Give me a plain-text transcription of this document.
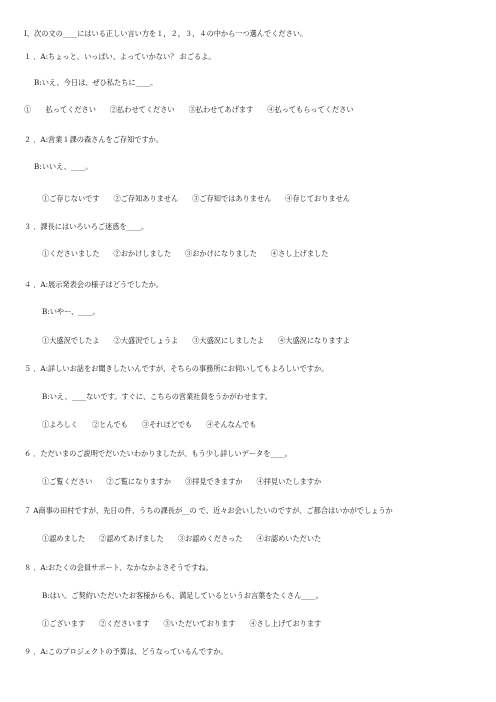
Ⅰ、次の文の____にはいる正しい言い方を１，２，３，４の中から一つ選んでください。
１ ．A:ちょっと、いっぱい、よっていかない？ おごるよ。
B:いえ、今日は、ぜひ私たちに____。
①　　払ってください ②払わせてください ③払わせてあげます ④払ってもらってください
２ ．A:営業１課の森さんをご存知ですか。
B:いいえ、____。
①ご存じないです ②ご存知ありません ③ご存知ではありません ④存じておりません
３ ．課長にはいろいろご迷惑を____。
①くださいました ②おかけしました ③おかけになりました ④さし上げました
４ ．A:展示発表会の様子はどうでしたか。
B:いやー、____。
①大盛況でしたよ ②大盛況でしょうよ ③大盛況にしましたよ ④大盛況になりますよ
５ ．A:詳しいお話をお聞きしたいんですが、そちらの事務所にお伺いしてもよろしいですか。
B:いえ、____ないです。すぐに、こちらの営業社員をうかがわせます。
①よろしく ②とんでも ③それほどでも ④そんなんでも
６ ．ただいまのご説明でだいたいわかりましたが、もう少し詳しいデータを____。
①ご覧ください ②ご覧になりますか ③拝見できますか ④拝見いたしますか
７ A商事の田村ですが、先日の件、うちの課長が__の で、近々お会いしたいのですが、ご都合はいかがでしょうか
①認めました ②認めてあげました ③お認めくださった ④お認めいただいた
８ ．A:おたくの会員サポート、なかなかよさそうですね。
B:はい。ご契約いただいたお客様からも、満足しているというお言葉をたくさん____。
①ございます ②くださいます ③いただいております ④さし上げております
９ ．A:このプロジェクトの予算は、どうなっているんですか。
